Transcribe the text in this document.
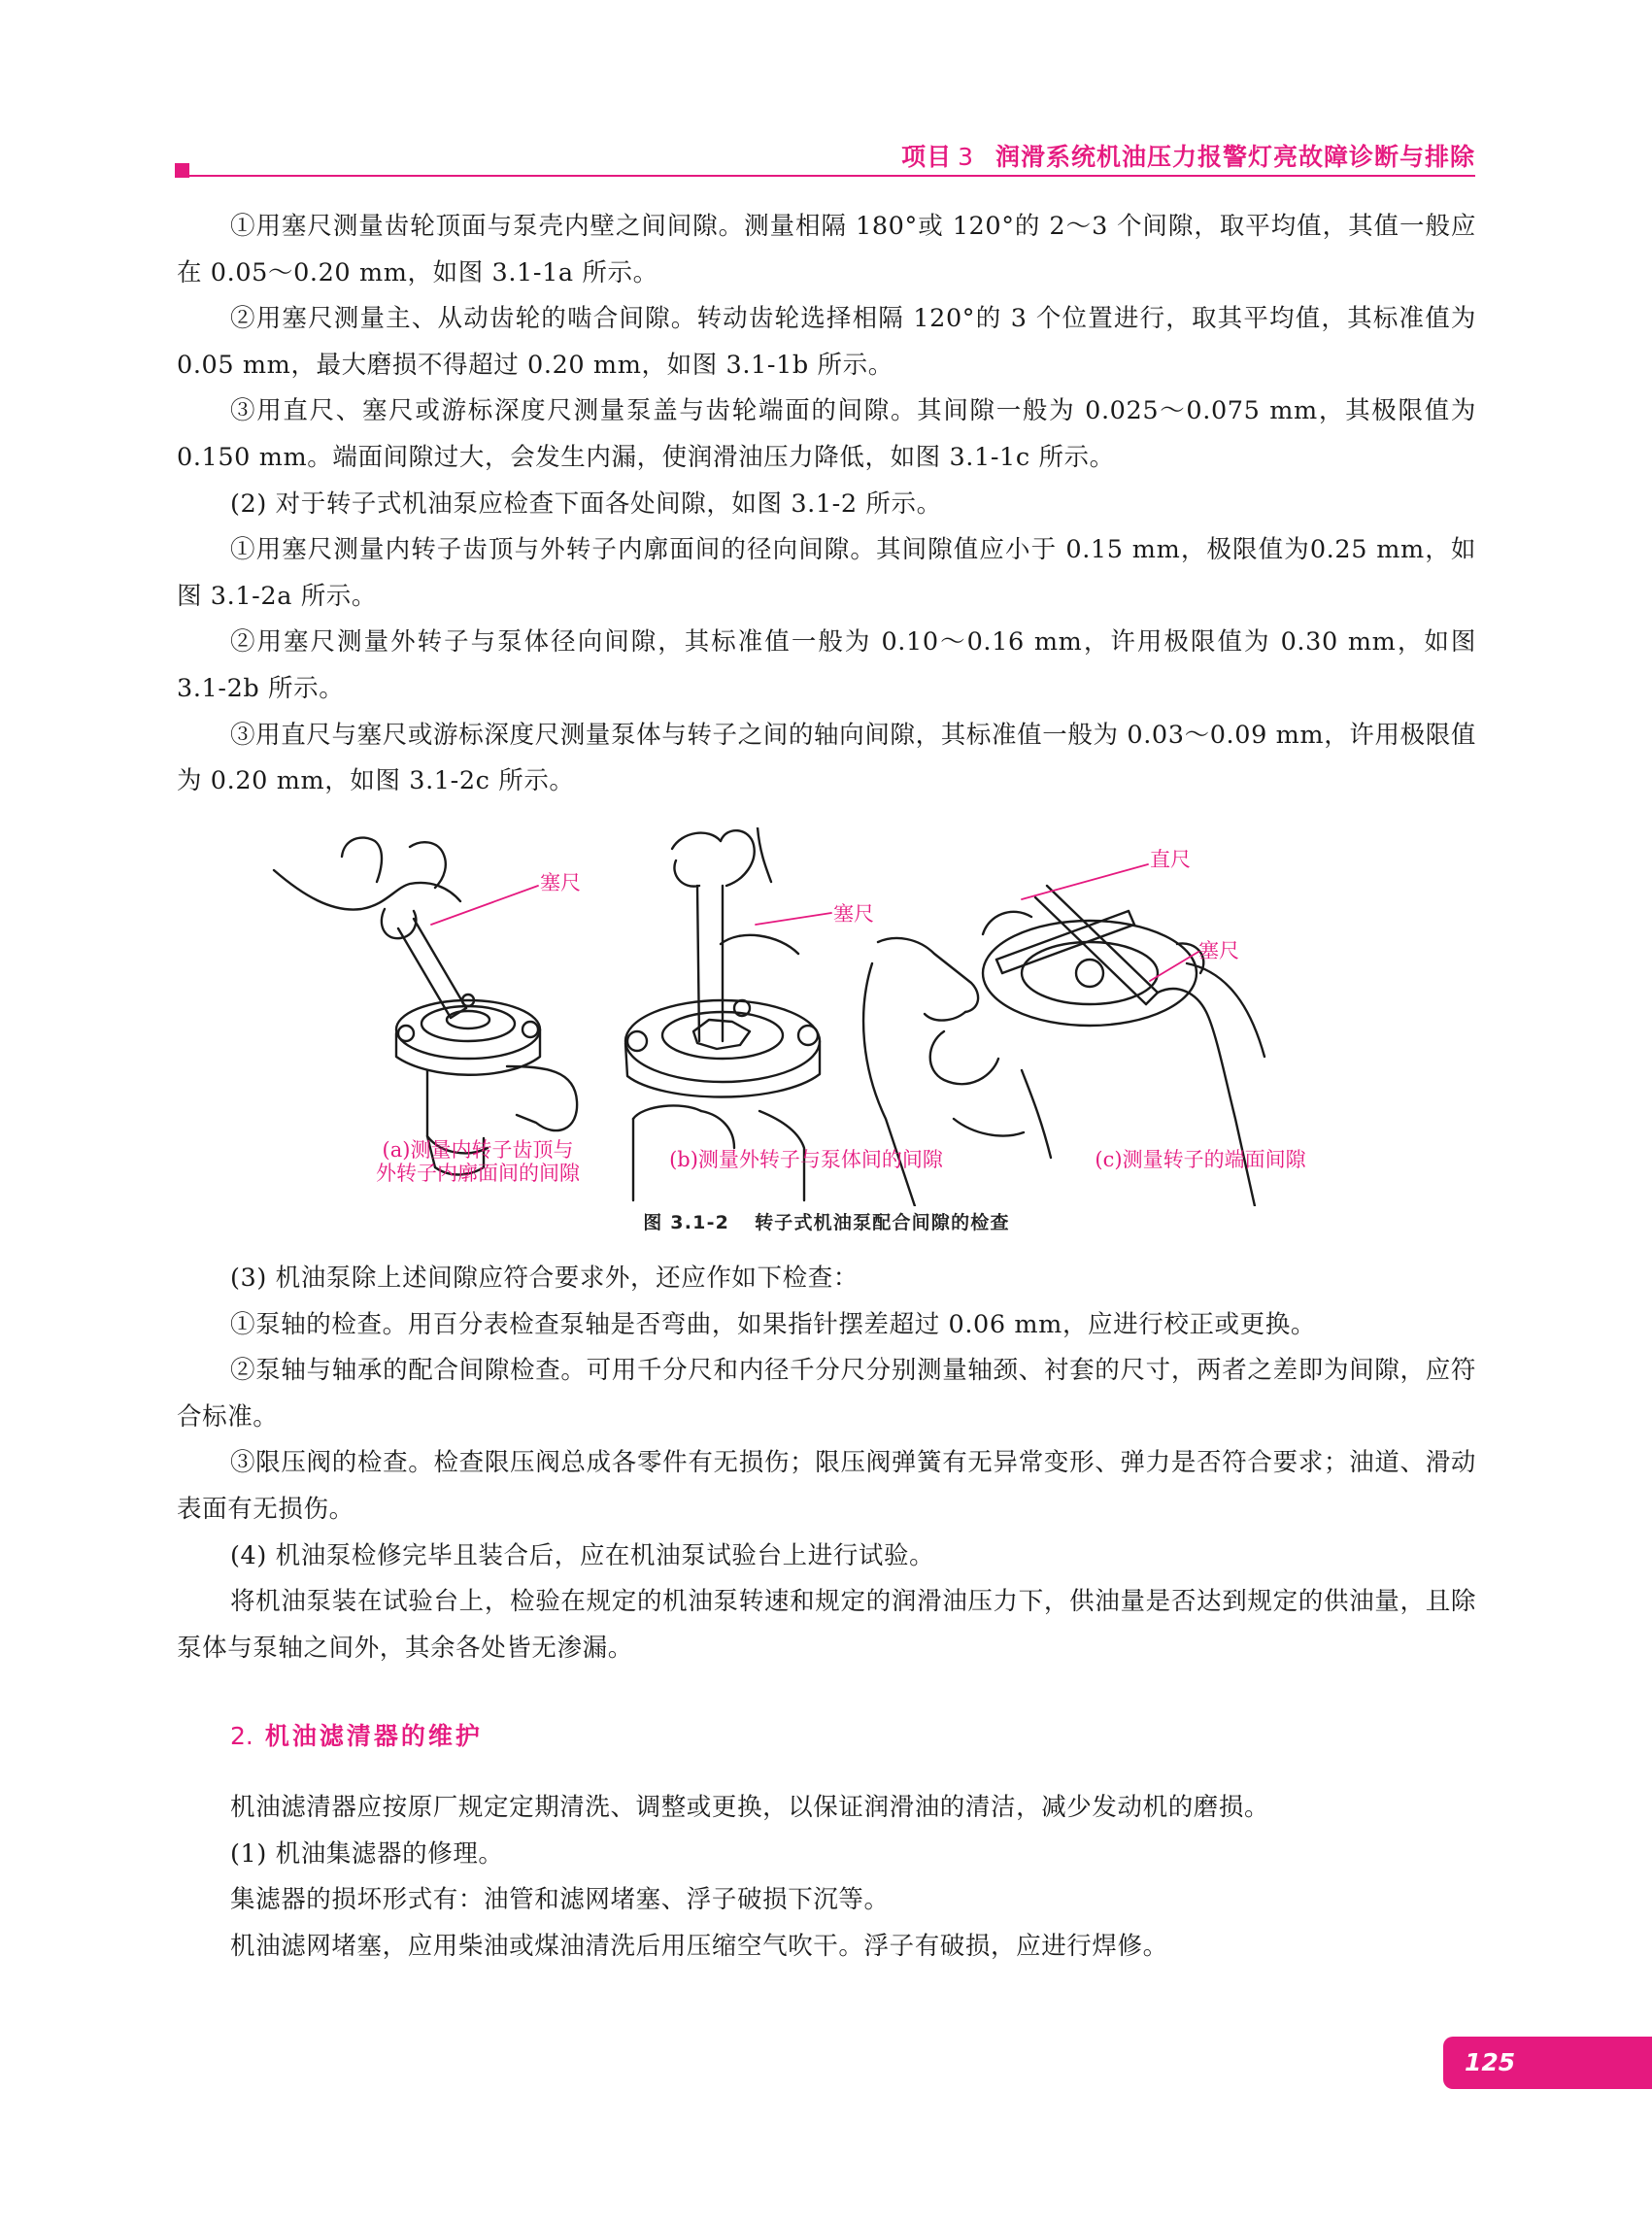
项目 3 润滑系统机油压力报警灯亮故障诊断与排除

①用塞尺测量齿轮顶面与泵壳内壁之间间隙。测量相隔 180°或 120°的 2～3 个间隙，取平均值，其值一般应在 0.05～0.20 mm，如图 3.1-1a 所示。

②用塞尺测量主、从动齿轮的啮合间隙。转动齿轮选择相隔 120°的 3 个位置进行，取其平均值，其标准值为 0.05 mm，最大磨损不得超过 0.20 mm，如图 3.1-1b 所示。

③用直尺、塞尺或游标深度尺测量泵盖与齿轮端面的间隙。其间隙一般为 0.025～0.075 mm，其极限值为 0.150 mm。端面间隙过大，会发生内漏，使润滑油压力降低，如图 3.1-1c 所示。

(2) 对于转子式机油泵应检查下面各处间隙，如图 3.1-2 所示。

①用塞尺测量内转子齿顶与外转子内廓面间的径向间隙。其间隙值应小于 0.15 mm，极限值为0.25 mm，如图 3.1-2a 所示。

②用塞尺测量外转子与泵体径向间隙，其标准值一般为 0.10～0.16 mm，许用极限值为 0.30 mm，如图 3.1-2b 所示。

③用直尺与塞尺或游标深度尺测量泵体与转子之间的轴向间隙，其标准值一般为 0.03～0.09 mm，许用极限值为 0.20 mm，如图 3.1-2c 所示。

塞尺
塞尺
直尺
塞尺
(a)测量内转子齿顶与
外转子内廓面间的间隙
(b)测量外转子与泵体间的间隙	(c)测量转子的端面间隙
图 3.1-2 转子式机油泵配合间隙的检查

(3) 机油泵除上述间隙应符合要求外，还应作如下检查：

①泵轴的检查。用百分表检查泵轴是否弯曲，如果指针摆差超过 0.06 mm，应进行校正或更换。

②泵轴与轴承的配合间隙检查。可用千分尺和内径千分尺分别测量轴颈、衬套的尺寸，两者之差即为间隙，应符合标准。

③限压阀的检查。检查限压阀总成各零件有无损伤；限压阀弹簧有无异常变形、弹力是否符合要求；油道、滑动表面有无损伤。

(4) 机油泵检修完毕且装合后，应在机油泵试验台上进行试验。

将机油泵装在试验台上，检验在规定的机油泵转速和规定的润滑油压力下，供油量是否达到规定的供油量，且除泵体与泵轴之间外，其余各处皆无渗漏。

2. 机油滤清器的维护

机油滤清器应按原厂规定定期清洗、调整或更换，以保证润滑油的清洁，减少发动机的磨损。

(1) 机油集滤器的修理。

集滤器的损坏形式有：油管和滤网堵塞、浮子破损下沉等。

机油滤网堵塞，应用柴油或煤油清洗后用压缩空气吹干。浮子有破损，应进行焊修。

125
